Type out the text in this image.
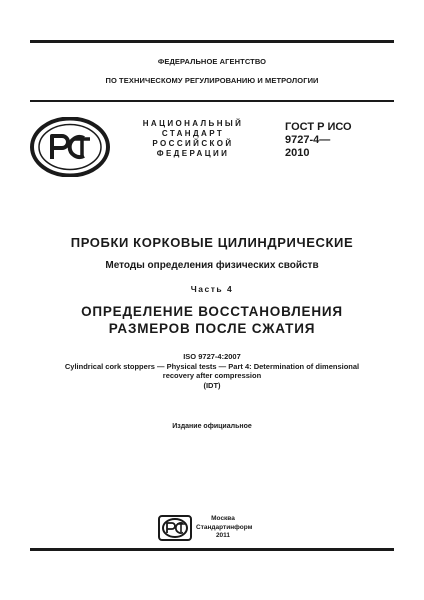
ФЕДЕРАЛЬНОЕ АГЕНТСТВО
ПО ТЕХНИЧЕСКОМУ РЕГУЛИРОВАНИЮ И МЕТРОЛОГИИ
НАЦИОНАЛЬНЫЙ
СТАНДАРТ
РОССИЙСКОЙ
ФЕДЕРАЦИИ
ГОСТ Р ИСО
9727-4—
2010
ПРОБКИ КОРКОВЫЕ ЦИЛИНДРИЧЕСКИЕ
Методы определения физических свойств
Часть 4
ОПРЕДЕЛЕНИЕ ВОССТАНОВЛЕНИЯ
РАЗМЕРОВ ПОСЛЕ СЖАТИЯ
ISO 9727-4:2007
Cylindrical cork stoppers — Physical tests — Part 4: Determination of dimensional
recovery after compression
(IDT)
Издание официальное
Москва
Стандартинформ
2011
